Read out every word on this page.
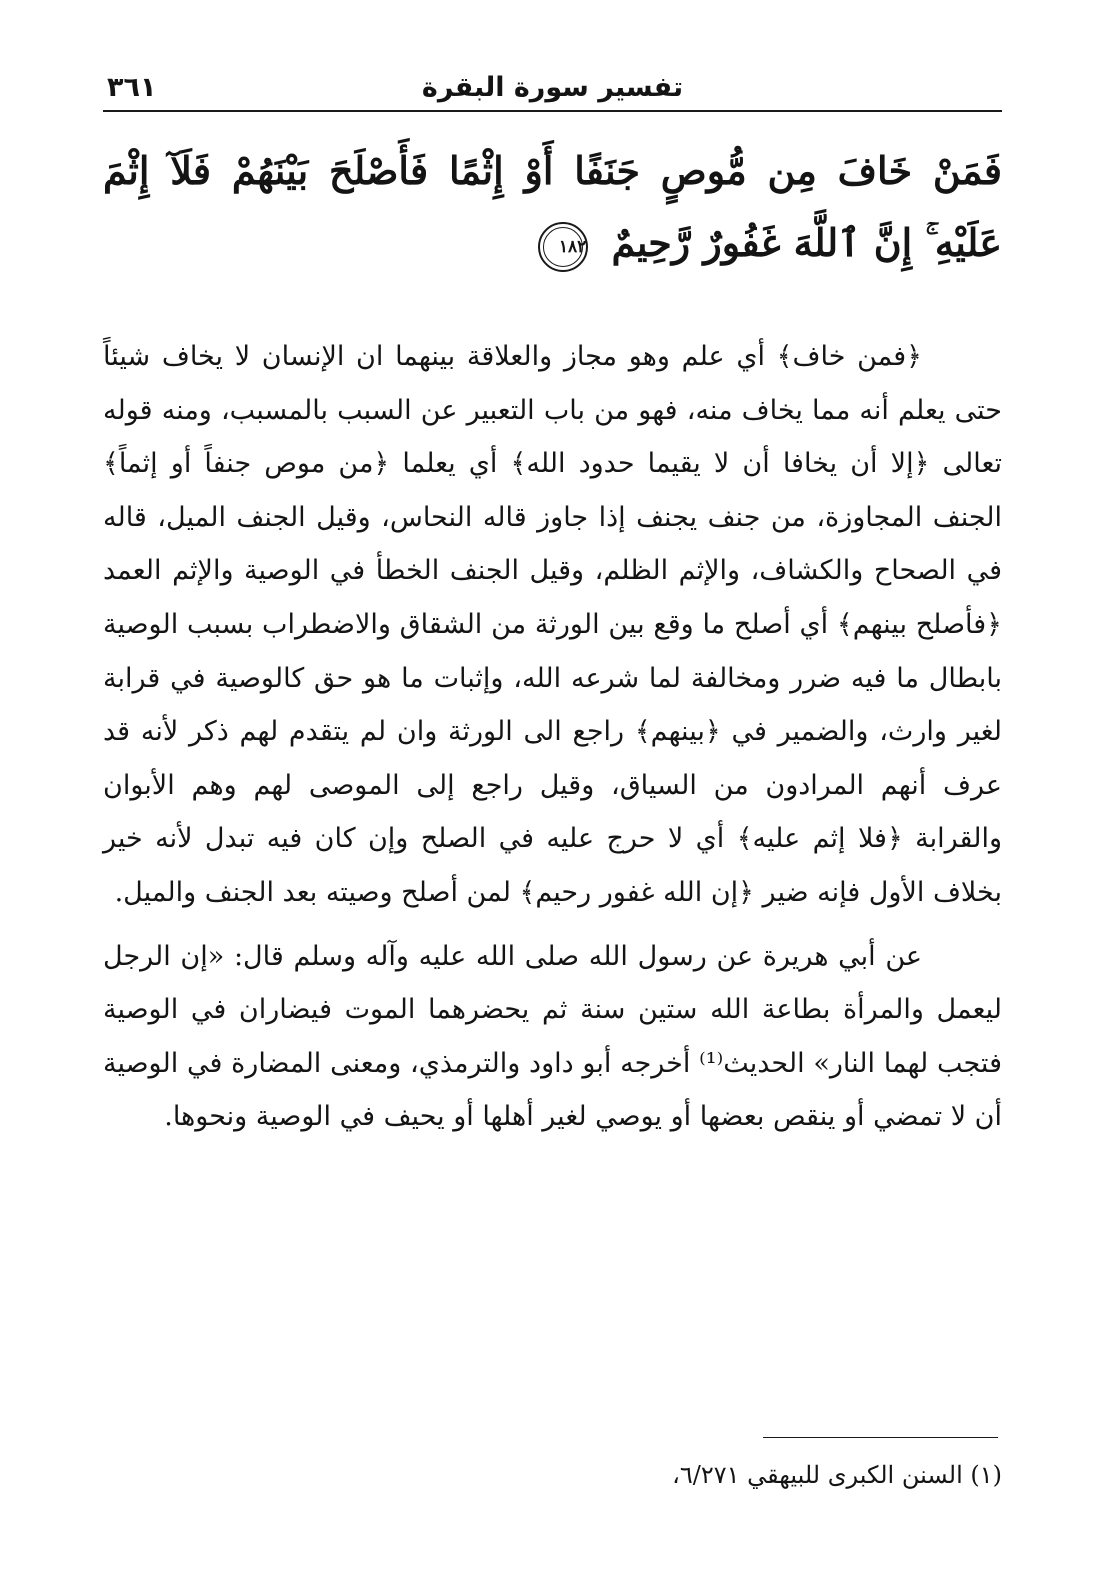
تفسير سورة البقرة
٣٦١
فَمَنْ خَافَ مِن مُّوصٍ جَنَفًا أَوْ إِثْمًا فَأَصْلَحَ بَيْنَهُمْ فَلَآ إِثْمَ عَلَيْهِ ۚ إِنَّ ٱللَّهَ غَفُورٌ رَّحِيمٌ ١٨٢

﴿فمن خاف﴾ أي علم وهو مجاز والعلاقة بينهما ان الإنسان لا يخاف شيئاً حتى يعلم أنه مما يخاف منه، فهو من باب التعبير عن السبب بالمسبب، ومنه قوله تعالى ﴿إلا أن يخافا أن لا يقيما حدود الله﴾ أي يعلما ﴿من موص جنفاً أو إثماً﴾ الجنف المجاوزة، من جنف يجنف إذا جاوز قاله النحاس، وقيل الجنف الميل، قاله في الصحاح والكشاف، والإثم الظلم، وقيل الجنف الخطأ في الوصية والإثم العمد ﴿فأصلح بينهم﴾ أي أصلح ما وقع بين الورثة من الشقاق والاضطراب بسبب الوصية بابطال ما فيه ضرر ومخالفة لما شرعه الله، وإثبات ما هو حق كالوصية في قرابة لغير وارث، والضمير في ﴿بينهم﴾ راجع الى الورثة وان لم يتقدم لهم ذكر لأنه قد عرف أنهم المرادون من السياق، وقيل راجع إلى الموصى لهم وهم الأبوان والقرابة ﴿فلا إثم عليه﴾ أي لا حرج عليه في الصلح وإن كان فيه تبدل لأنه خير بخلاف الأول فإنه ضير ﴿إن الله غفور رحيم﴾ لمن أصلح وصيته بعد الجنف والميل.

عن أبي هريرة عن رسول الله صلى الله عليه وآله وسلم قال: «إن الرجل ليعمل والمرأة بطاعة الله ستين سنة ثم يحضرهما الموت فيضاران في الوصية فتجب لهما النار» الحديث⁽¹⁾ أخرجه أبو داود والترمذي، ومعنى المضارة في الوصية أن لا تمضي أو ينقص بعضها أو يوصي لغير أهلها أو يحيف في الوصية ونحوها.

(١) السنن الكبرى للبيهقي ٦/٢٧١،
